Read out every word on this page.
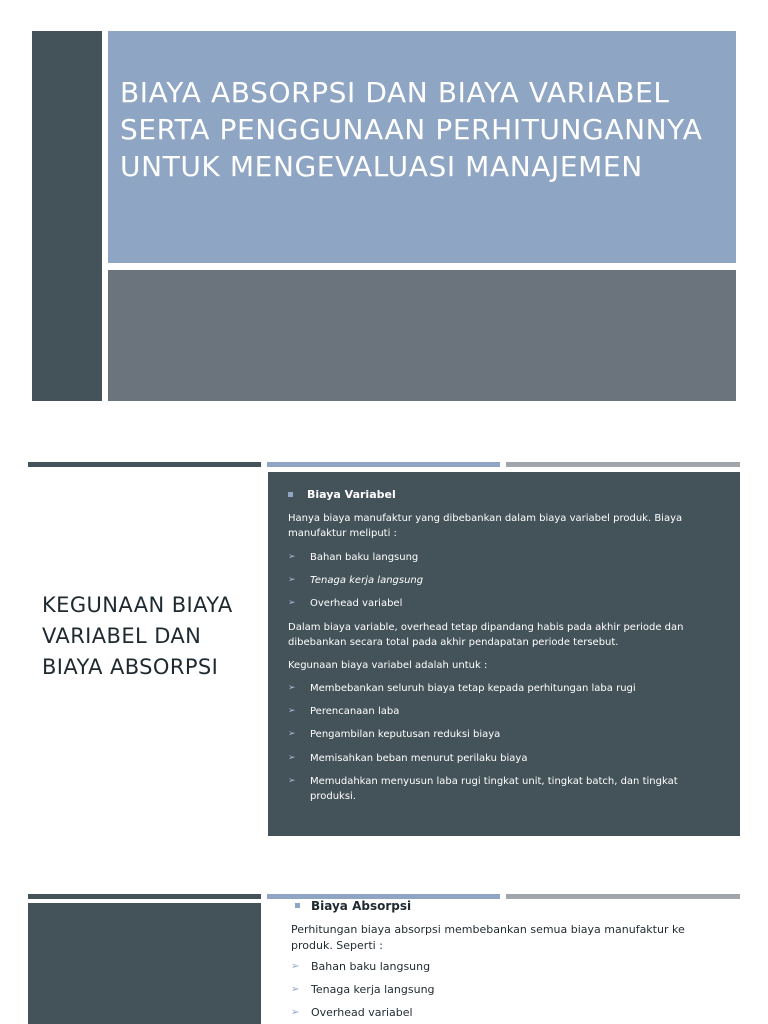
BIAYA ABSORPSI DAN BIAYA VARIABEL SERTA PENGGUNAAN PERHITUNGANNYA UNTUK MENGEVALUASI MANAJEMEN
KEGUNAAN BIAYA VARIABEL DAN BIAYA ABSORPSI
Biaya Variabel
Hanya biaya manufaktur yang dibebankan dalam biaya variabel produk. Biaya manufaktur meliputi :
➢ Bahan baku langsung
➢ Tenaga kerja langsung
➢ Overhead variabel
Dalam biaya variable, overhead tetap dipandang habis pada akhir periode dan dibebankan secara total pada akhir pendapatan periode tersebut.
Kegunaan biaya variabel adalah untuk :
➢ Membebankan seluruh biaya tetap kepada perhitungan laba rugi
➢ Perencanaan laba
➢ Pengambilan keputusan reduksi biaya
➢ Memisahkan beban menurut perilaku biaya
➢ Memudahkan menyusun laba rugi tingkat unit, tingkat batch, dan tingkat produksi.
Biaya Absorpsi
Perhitungan biaya absorpsi membebankan semua biaya manufaktur ke produk. Seperti :
➢ Bahan baku langsung
➢ Tenaga kerja langsung
➢ Overhead variabel
